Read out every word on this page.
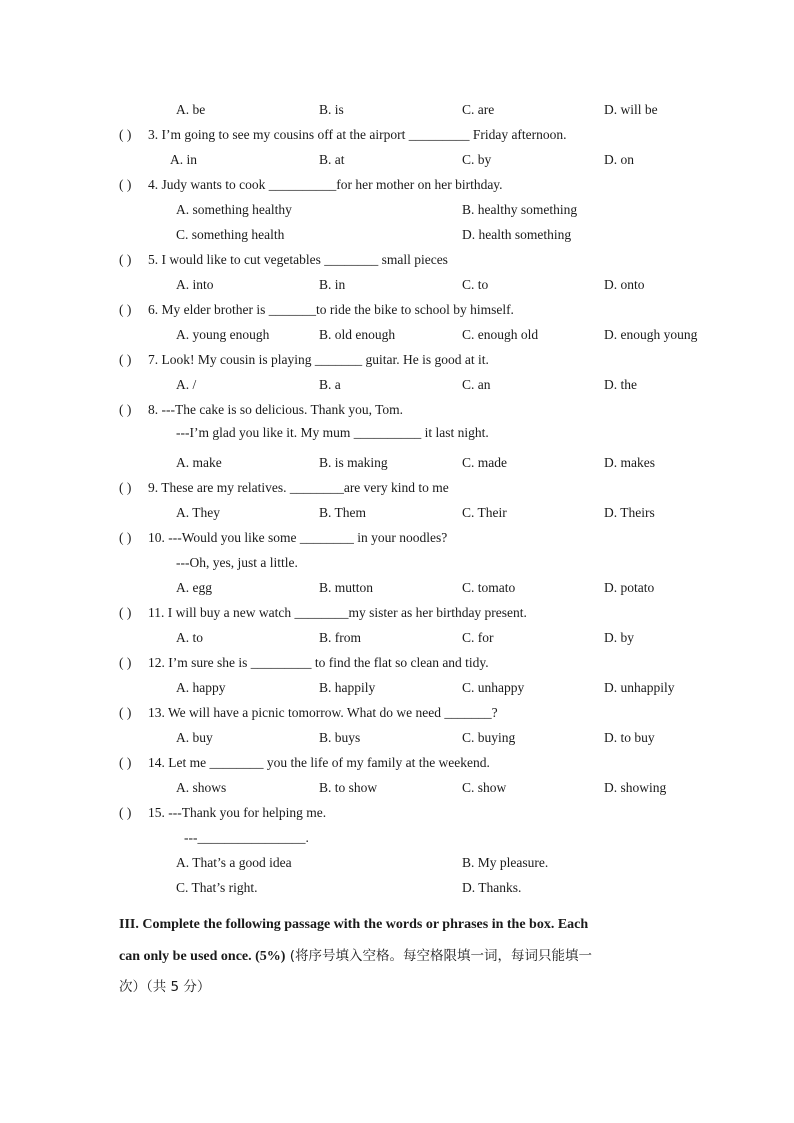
A. be	B. is	C. are	D. will be
( ) 3. I’m going to see my cousins off at the airport _________ Friday afternoon.
A. in	B. at	C. by	D. on
( ) 4. Judy wants to cook __________for her mother on her birthday.
A. something healthy	B. healthy something
C. something health	D. health something
( ) 5. I would like to cut vegetables ________ small pieces
A. into	B. in	C. to	D. onto
( ) 6. My elder brother is _______to ride the bike to school by himself.
A. young enough	B. old enough	C. enough old	D. enough young
( ) 7. Look! My cousin is playing _______ guitar. He is good at it.
A. /	B. a	C. an	D. the
( ) 8. ---The cake is so delicious. Thank you, Tom.
---I’m glad you like it. My mum __________ it last night.
A. make	B. is making	C. made	D. makes
( ) 9. These are my relatives. ________are very kind to me
A. They	B. Them	C. Their	D. Theirs
( ) 10. ---Would you like some ________ in your noodles?
---Oh, yes, just a little.
A. egg	B. mutton	C. tomato	D. potato
( ) 11. I will buy a new watch ________my sister as her birthday present.
A. to	B. from	C. for	D. by
( ) 12. I’m sure she is _________ to find the flat so clean and tidy.
A. happy	B. happily	C. unhappy	D. unhappily
( ) 13. We will have a picnic tomorrow. What do we need _______?
A. buy	B. buys	C. buying	D. to buy
( ) 14. Let me ________ you the life of my family at the weekend.
A. shows	B. to show	C. show	D. showing
( ) 15. ---Thank you for helping me.
---________________.
A. That’s a good idea	B. My pleasure.
C. That’s right.	D. Thanks.
III. Complete the following passage with the words or phrases in the box. Each
can only be used once. (5%) (将序号填入空格。每空格限填一词，每词只能填一
次）（共 5 分）
